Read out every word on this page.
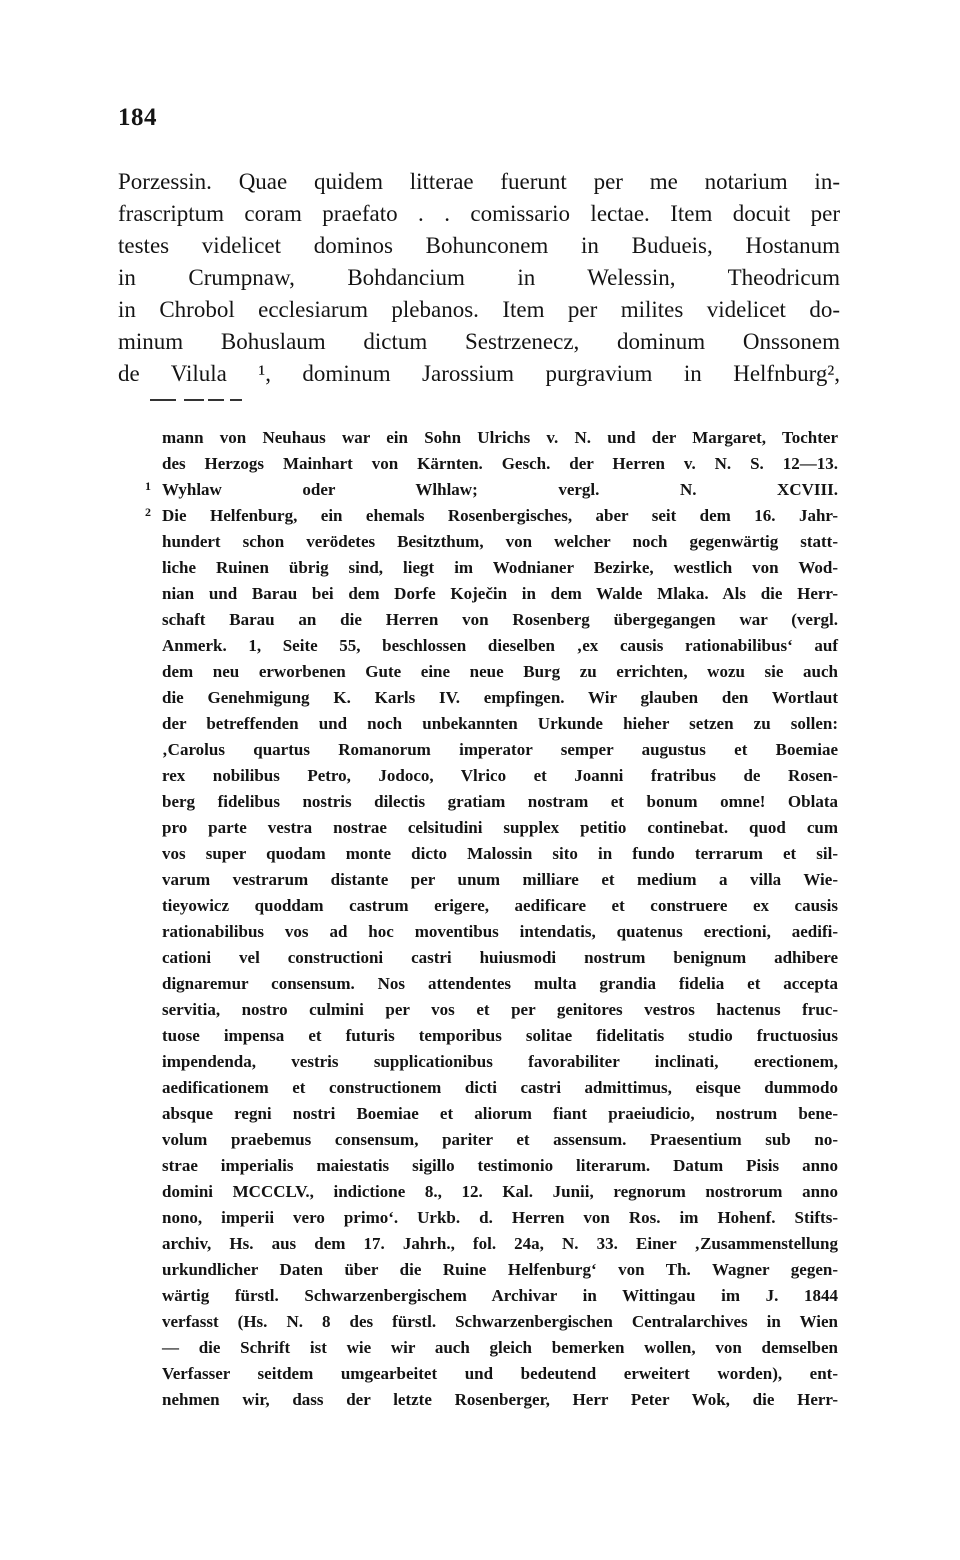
184
Porzessin. Quae quidem litterae fuerunt per me notarium in-
frascriptum coram praefato . . comissario lectae. Item docuit per
testes videlicet dominos Bohunconem in Budueis, Hostanum
in Crumpnaw, Bohdancium in Welessin, Theodricum
in Chrobol ecclesiarum plebanos. Item per milites videlicet do-
minum Bohuslaum dictum Sestrzenecz, dominum Onssonem
de Vilula ¹, dominum Jarossium purgravium in Helfnburg²,
mann von Neuhaus war ein Sohn Ulrichs v. N. und der Margaret, Tochter
des Herzogs Mainhart von Kärnten. Gesch. der Herren v. N. S. 12—13.
1 Wyhlaw oder Wlhlaw; vergl. N. XCVIII.
2 Die Helfenburg, ein ehemals Rosenbergisches, aber seit dem 16. Jahr-
hundert schon verödetes Besitzthum, von welcher noch gegenwärtig statt-
liche Ruinen übrig sind, liegt im Wodnianer Bezirke, westlich von Wod-
nian und Barau bei dem Dorfe Koječin in dem Walde Mlaka. Als die Herr-
schaft Barau an die Herren von Rosenberg übergegangen war (vergl.
Anmerk. 1, Seite 55, beschlossen dieselben ‚ex causis rationabilibus‘ auf
dem neu erworbenen Gute eine neue Burg zu errichten, wozu sie auch
die Genehmigung K. Karls IV. empfingen. Wir glauben den Wortlaut
der betreffenden und noch unbekannten Urkunde hieher setzen zu sollen:
‚Carolus quartus Romanorum imperator semper augustus et Boemiae
rex nobilibus Petro, Jodoco, Vlrico et Joanni fratribus de Rosen-
berg fidelibus nostris dilectis gratiam nostram et bonum omne! Oblata
pro parte vestra nostrae celsitudini supplex petitio continebat. quod cum
vos super quodam monte dicto Malossin sito in fundo terrarum et sil-
varum vestrarum distante per unum milliare et medium a villa Wie-
tieyowicz quoddam castrum erigere, aedificare et construere ex causis
rationabilibus vos ad hoc moventibus intendatis, quatenus erectioni, aedifi-
cationi vel constructioni castri huiusmodi nostrum benignum adhibere
dignaremur consensum. Nos attendentes multa grandia fidelia et accepta
servitia, nostro culmini per vos et per genitores vestros hactenus fruc-
tuose impensa et futuris temporibus solitae fidelitatis studio fructuosius
impendenda, vestris supplicationibus favorabiliter inclinati, erectionem,
aedificationem et constructionem dicti castri admittimus, eisque dummodo
absque regni nostri Boemiae et aliorum fiant praeiudicio, nostrum bene-
volum praebemus consensum, pariter et assensum. Praesentium sub no-
strae imperialis maiestatis sigillo testimonio literarum. Datum Pisis anno
domini MCCCLV., indictione 8., 12. Kal. Junii, regnorum nostrorum anno
nono, imperii vero primo‘. Urkb. d. Herren von Ros. im Hohenf. Stifts-
archiv, Hs. aus dem 17. Jahrh., fol. 24a, N. 33. Einer ‚Zusammenstellung
urkundlicher Daten über die Ruine Helfenburg‘ von Th. Wagner gegen-
wärtig fürstl. Schwarzenbergischem Archivar in Wittingau im J. 1844
verfasst (Hs. N. 8 des fürstl. Schwarzenbergischen Centralarchives in Wien
— die Schrift ist wie wir auch gleich bemerken wollen, von demselben
Verfasser seitdem umgearbeitet und bedeutend erweitert worden), ent-
nehmen wir, dass der letzte Rosenberger, Herr Peter Wok, die Herr-
